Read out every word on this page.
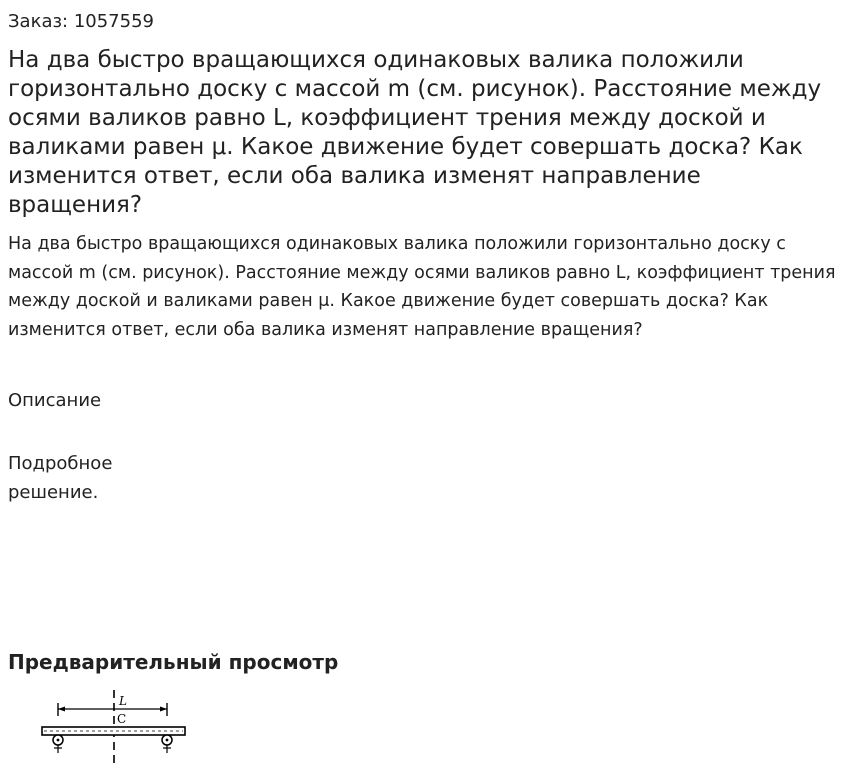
Заказ: 1057559
На два быстро вращающихся одинаковых валика положили горизонтально доску с массой m (см. рисунок). Расстояние между осями валиков равно L, коэффициент трения между доской и валиками равен μ. Какое движение будет совершать доска? Как изменится ответ, если оба валика изменят направление вращения?

На два быстро вращающихся одинаковых валика положили горизонтально доску с массой m (см. рисунок). Расстояние между осями валиков равно L, коэффициент трения между доской и валиками равен μ. Какое движение будет совершать доска? Как изменится ответ, если оба валика изменят направление вращения?

Описание
Подробное решение.
Предварительный просмотр
L
C
